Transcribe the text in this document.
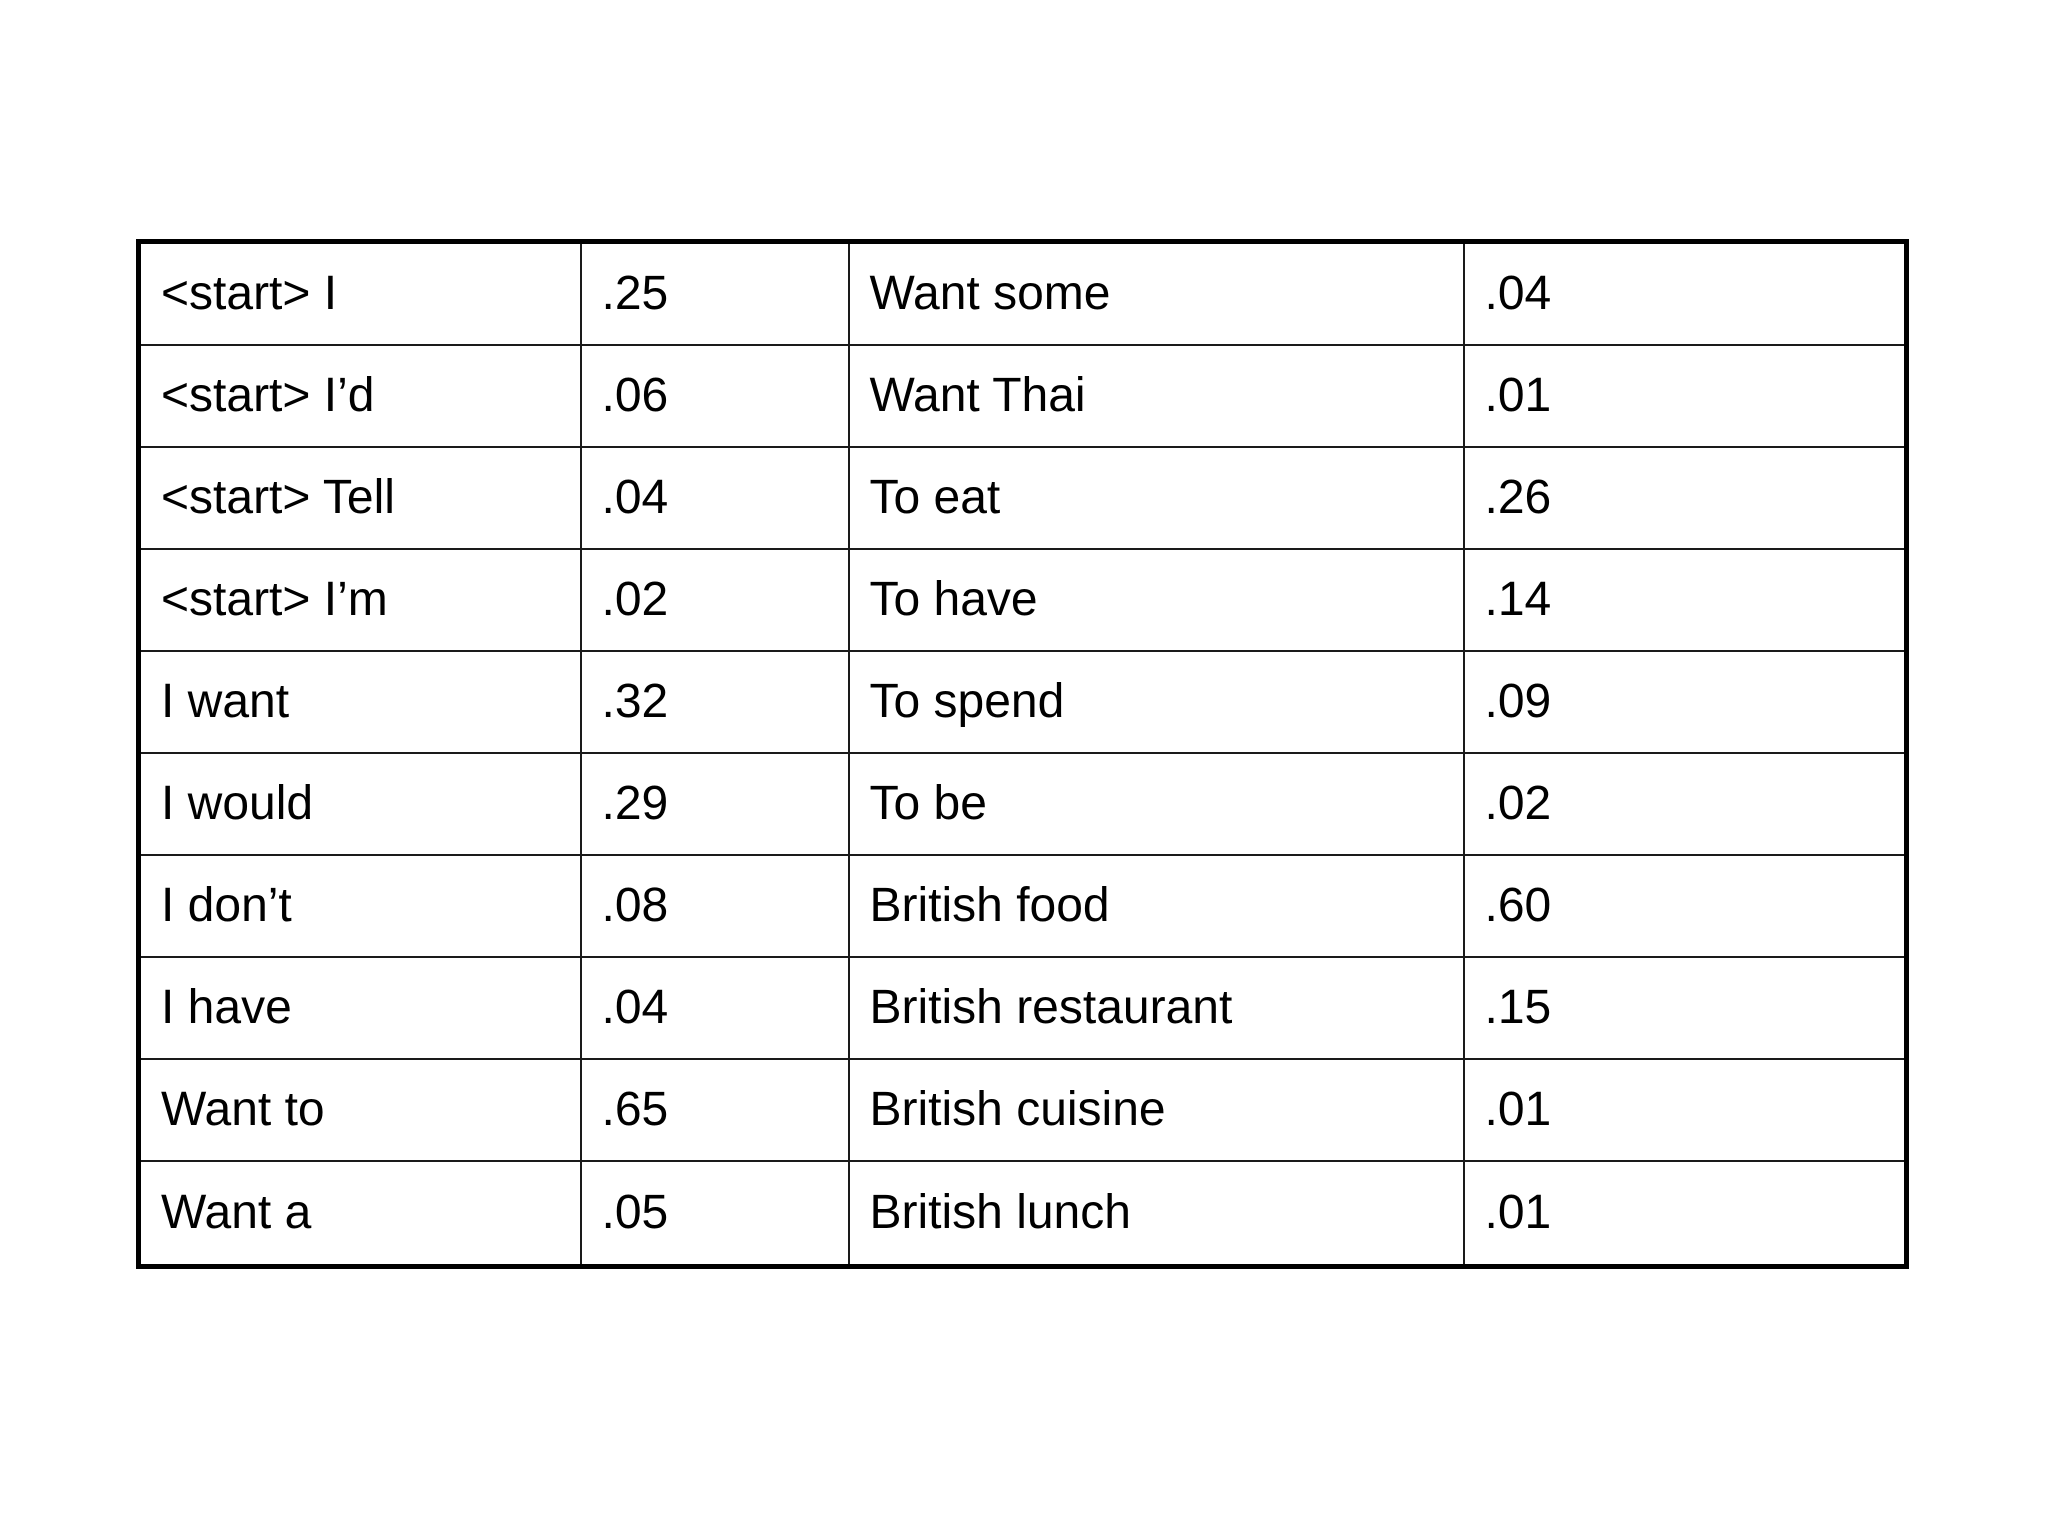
<start> I	.25	Want some	.04
<start> I’d	.06	Want Thai	.01
<start> Tell	.04	To eat	.26
<start> I’m	.02	To have	.14
I want	.32	To spend	.09
I would	.29	To be	.02
I don’t	.08	British food	.60
I have	.04	British restaurant	.15
Want to	.65	British cuisine	.01
Want a	.05	British lunch	.01
